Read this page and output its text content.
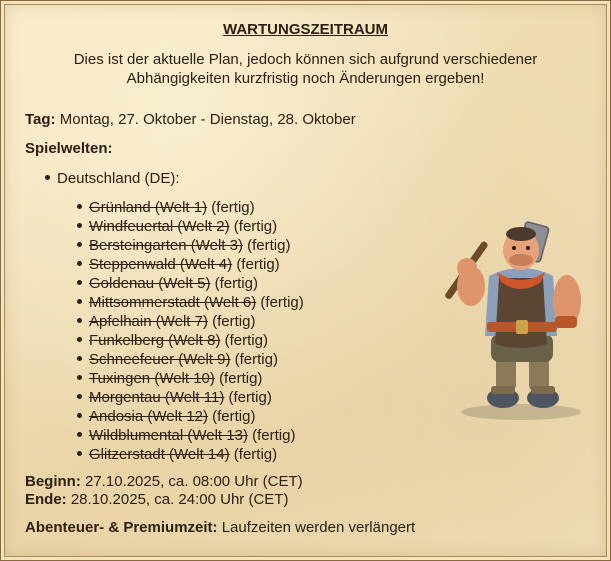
WARTUNGSZEITRAUM
Dies ist der aktuelle Plan, jedoch können sich aufgrund verschiedener Abhängigkeiten kurzfristig noch Änderungen ergeben!
Tag: Montag, 27. Oktober - Dienstag, 28. Oktober
Spielwelten:
Deutschland (DE):
Grünland (Welt 1) (fertig)
Windfeuertal (Welt 2) (fertig)
Bersteingarten (Welt 3) (fertig)
Steppenwald (Welt 4) (fertig)
Goldenau (Welt 5) (fertig)
Mittsommerstadt (Welt 6) (fertig)
Apfelhain (Welt 7) (fertig)
Funkelberg (Welt 8) (fertig)
Schneefeuer (Welt 9) (fertig)
Tuxingen (Welt 10) (fertig)
Morgentau (Welt 11) (fertig)
Andosia (Welt 12) (fertig)
Wildblumental (Welt 13) (fertig)
Glitzerstadt (Welt 14) (fertig)
Beginn: 27.10.2025, ca. 08:00 Uhr (CET)
Ende: 28.10.2025, ca. 24:00 Uhr (CET)
Abenteuer- & Premiumzeit: Laufzeiten werden verlängert
